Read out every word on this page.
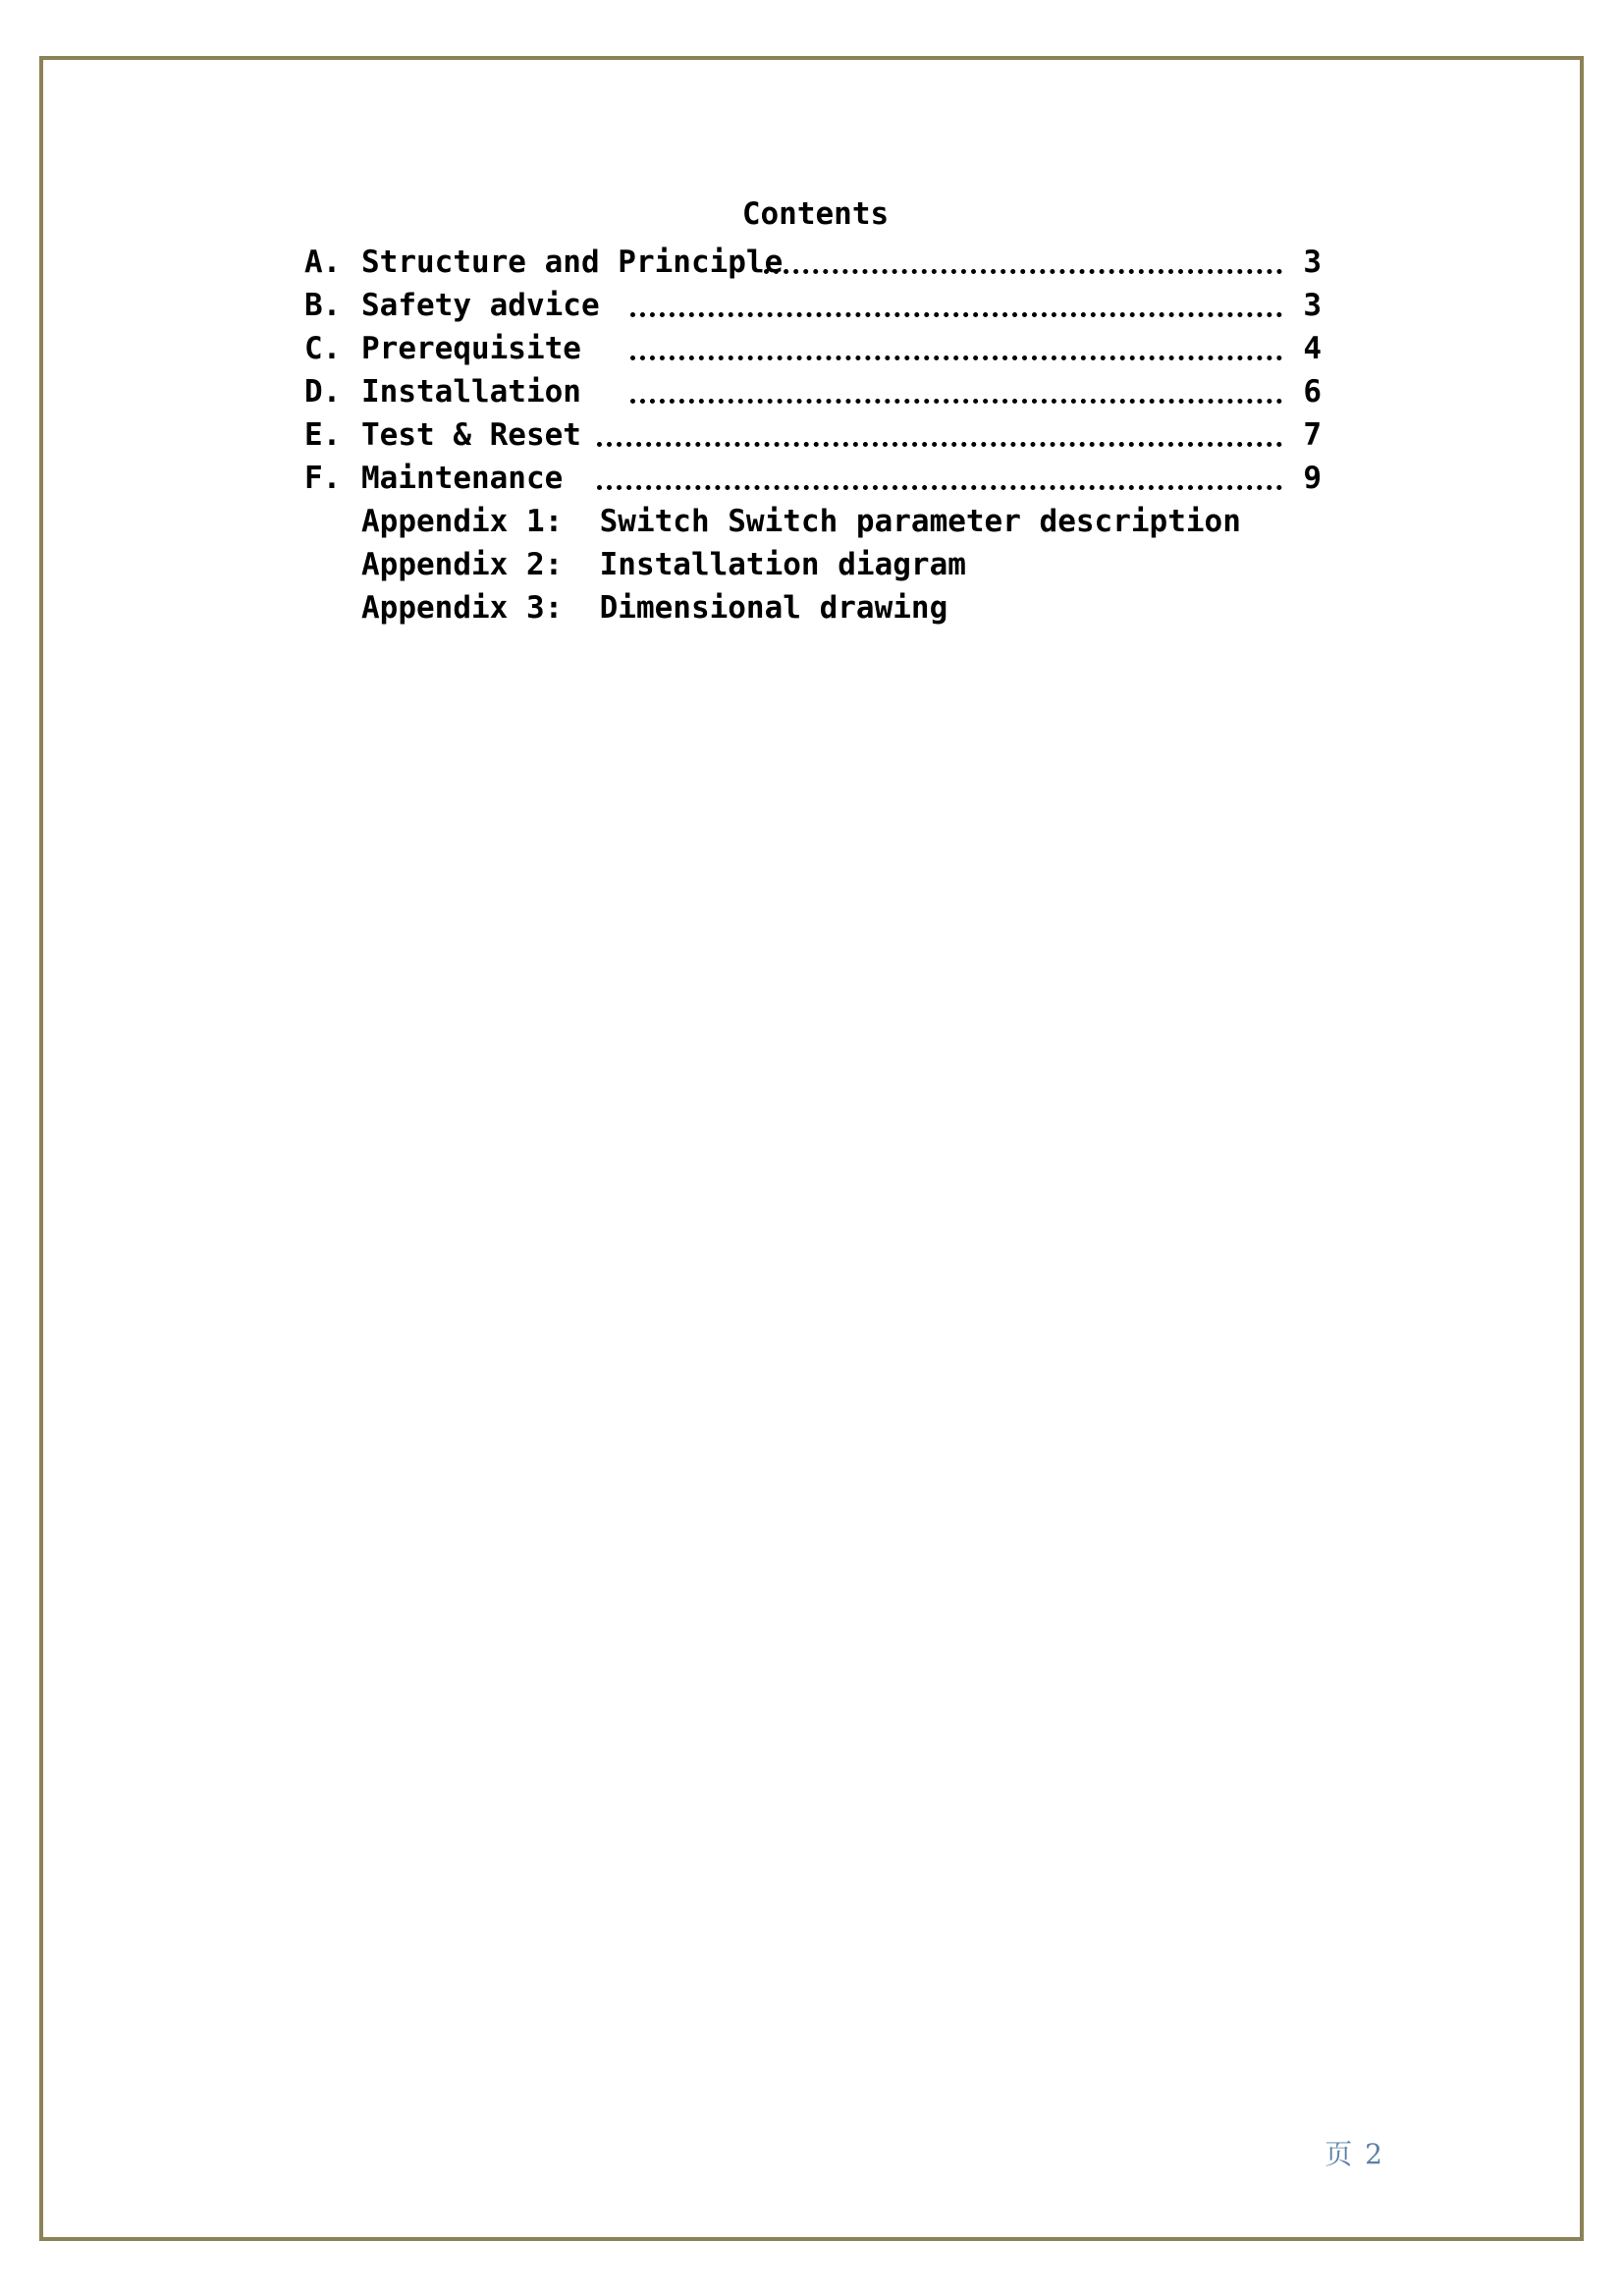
Contents
A. Structure and Principle	3
B. Safety advice	3
C. Prerequisite	4
D. Installation	6
E. Test & Reset	7
F. Maintenance	9
Appendix 1:  Switch Switch parameter description
Appendix 2:  Installation diagram
Appendix 3:  Dimensional drawing
页 2
